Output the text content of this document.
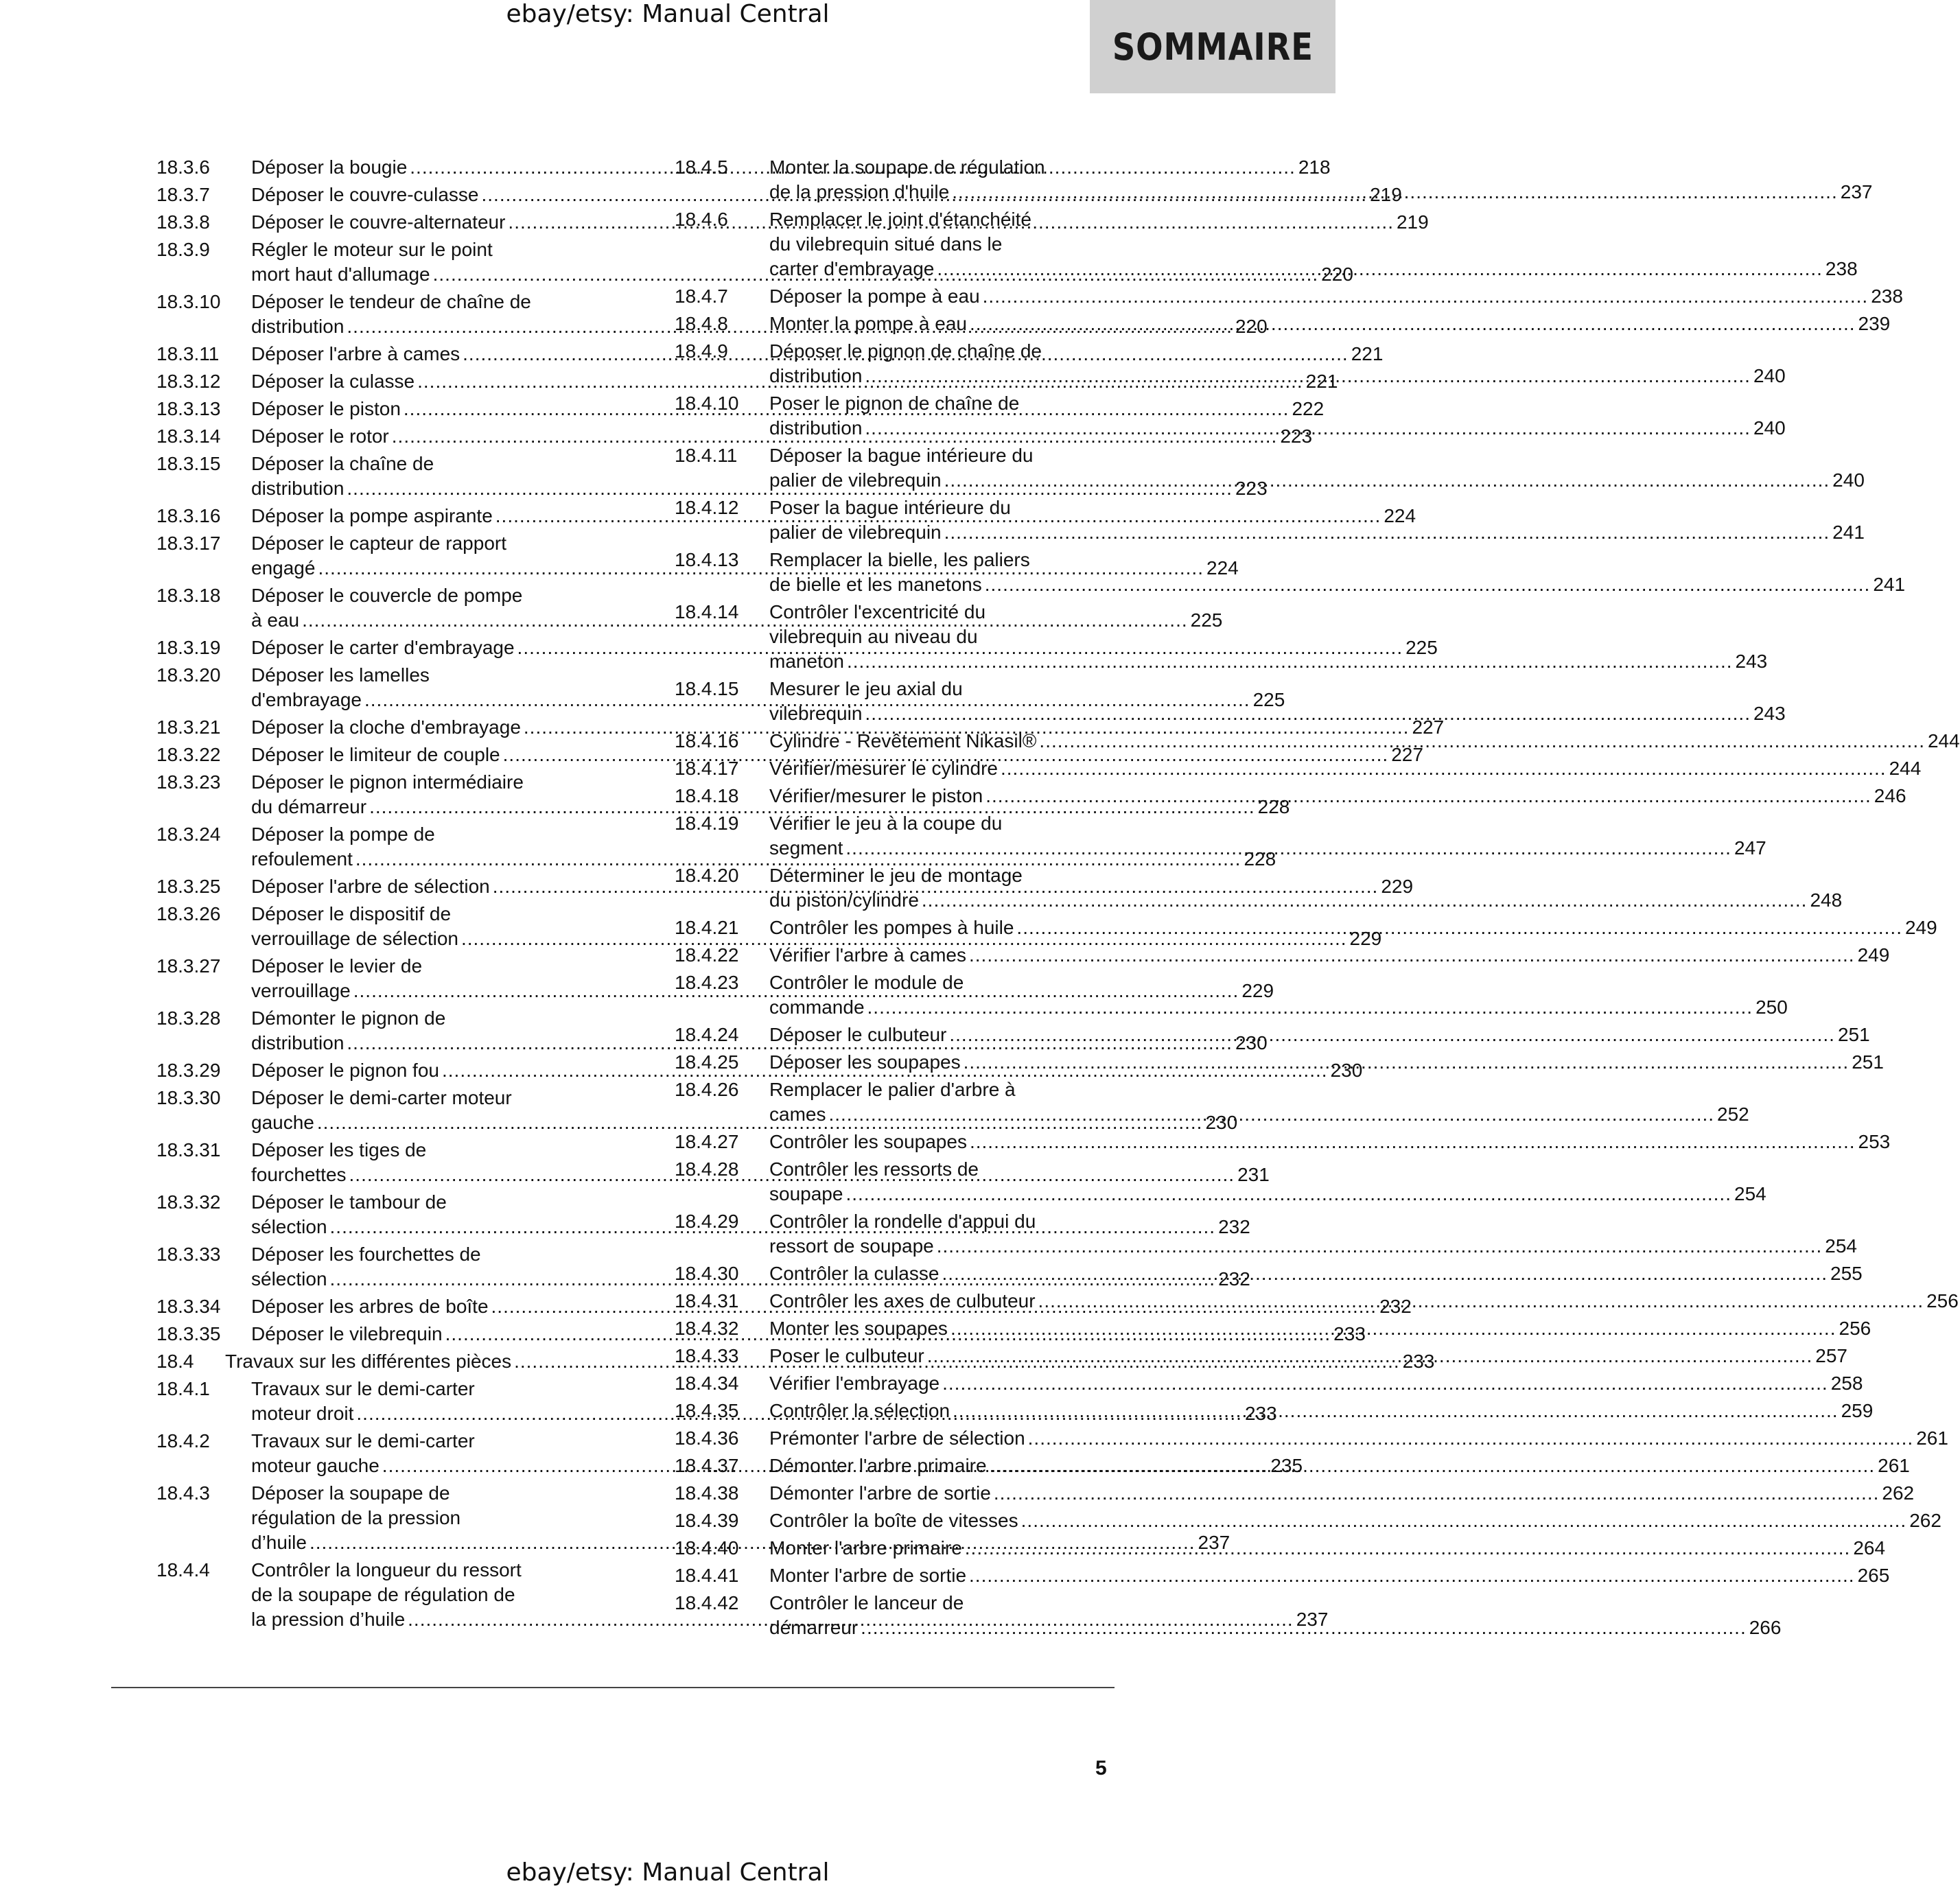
ebay/etsy: Manual Central
SOMMAIRE
18.3.6	Déposer la bougie .....	218
18.3.7	Déposer le couvre-culasse .....	219
18.3.8	Déposer le couvre-alternateur .....	219
18.3.9	Régler le moteur sur le point
mort haut d'allumage .....	220
18.3.10	Déposer le tendeur de chaîne de
distribution .....	220
18.3.11	Déposer l'arbre à cames .....	221
18.3.12	Déposer la culasse .....	221
18.3.13	Déposer le piston .....	222
18.3.14	Déposer le rotor .....	223
18.3.15	Déposer la chaîne de
distribution .....	223
18.3.16	Déposer la pompe aspirante .....	224
18.3.17	Déposer le capteur de rapport
engagé .....	224
18.3.18	Déposer le couvercle de pompe
à eau .....	225
18.3.19	Déposer le carter d'embrayage .....	225
18.3.20	Déposer les lamelles
d'embrayage .....	225
18.3.21	Déposer la cloche d'embrayage .....	227
18.3.22	Déposer le limiteur de couple .....	227
18.3.23	Déposer le pignon intermédiaire
du démarreur .....	228
18.3.24	Déposer la pompe de
refoulement .....	228
18.3.25	Déposer l'arbre de sélection .....	229
18.3.26	Déposer le dispositif de
verrouillage de sélection .....	229
18.3.27	Déposer le levier de
verrouillage .....	229
18.3.28	Démonter le pignon de
distribution .....	230
18.3.29	Déposer le pignon fou .....	230
18.3.30	Déposer le demi-carter moteur
gauche .....	230
18.3.31	Déposer les tiges de
fourchettes .....	231
18.3.32	Déposer le tambour de
sélection .....	232
18.3.33	Déposer les fourchettes de
sélection .....	232
18.3.34	Déposer les arbres de boîte .....	232
18.3.35	Déposer le vilebrequin .....	233
18.4	Travaux sur les différentes pièces .....	233
18.4.1	Travaux sur le demi-carter
moteur droit .....	233
18.4.2	Travaux sur le demi-carter
moteur gauche .....	235
18.4.3	Déposer la soupape de
régulation de la pression
d’huile .....	237
18.4.4	Contrôler la longueur du ressort
de la soupape de régulation de
la pression d’huile .....	237
18.4.5	Monter la soupape de régulation
de la pression d'huile .....	237
18.4.6	Remplacer le joint d'étanchéité
du vilebrequin situé dans le
carter d'embrayage .....	238
18.4.7	Déposer la pompe à eau .....	238
18.4.8	Monter la pompe à eau .....	239
18.4.9	Déposer le pignon de chaîne de
distribution .....	240
18.4.10	Poser le pignon de chaîne de
distribution .....	240
18.4.11	Déposer la bague intérieure du
palier de vilebrequin .....	240
18.4.12	Poser la bague intérieure du
palier de vilebrequin .....	241
18.4.13	Remplacer la bielle, les paliers
de bielle et les manetons .....	241
18.4.14	Contrôler l'excentricité du
vilebrequin au niveau du
maneton .....	243
18.4.15	Mesurer le jeu axial du
vilebrequin .....	243
18.4.16	Cylindre - Revêtement Nikasil® .....	244
18.4.17	Vérifier/mesurer le cylindre .....	244
18.4.18	Vérifier/mesurer le piston .....	246
18.4.19	Vérifier le jeu à la coupe du
segment .....	247
18.4.20	Déterminer le jeu de montage
du piston/cylindre .....	248
18.4.21	Contrôler les pompes à huile .....	249
18.4.22	Vérifier l'arbre à cames .....	249
18.4.23	Contrôler le module de
commande .....	250
18.4.24	Déposer le culbuteur .....	251
18.4.25	Déposer les soupapes .....	251
18.4.26	Remplacer le palier d'arbre à
cames .....	252
18.4.27	Contrôler les soupapes .....	253
18.4.28	Contrôler les ressorts de
soupape .....	254
18.4.29	Contrôler la rondelle d'appui du
ressort de soupape .....	254
18.4.30	Contrôler la culasse .....	255
18.4.31	Contrôler les axes de culbuteur .....	256
18.4.32	Monter les soupapes .....	256
18.4.33	Poser le culbuteur .....	257
18.4.34	Vérifier l'embrayage .....	258
18.4.35	Contrôler la sélection .....	259
18.4.36	Prémonter l'arbre de sélection .....	261
18.4.37	Démonter l'arbre primaire .....	261
18.4.38	Démonter l'arbre de sortie .....	262
18.4.39	Contrôler la boîte de vitesses .....	262
18.4.40	Monter l'arbre primaire .....	264
18.4.41	Monter l'arbre de sortie .....	265
18.4.42	Contrôler le lanceur de
démarreur .....	266
5
ebay/etsy: Manual Central
